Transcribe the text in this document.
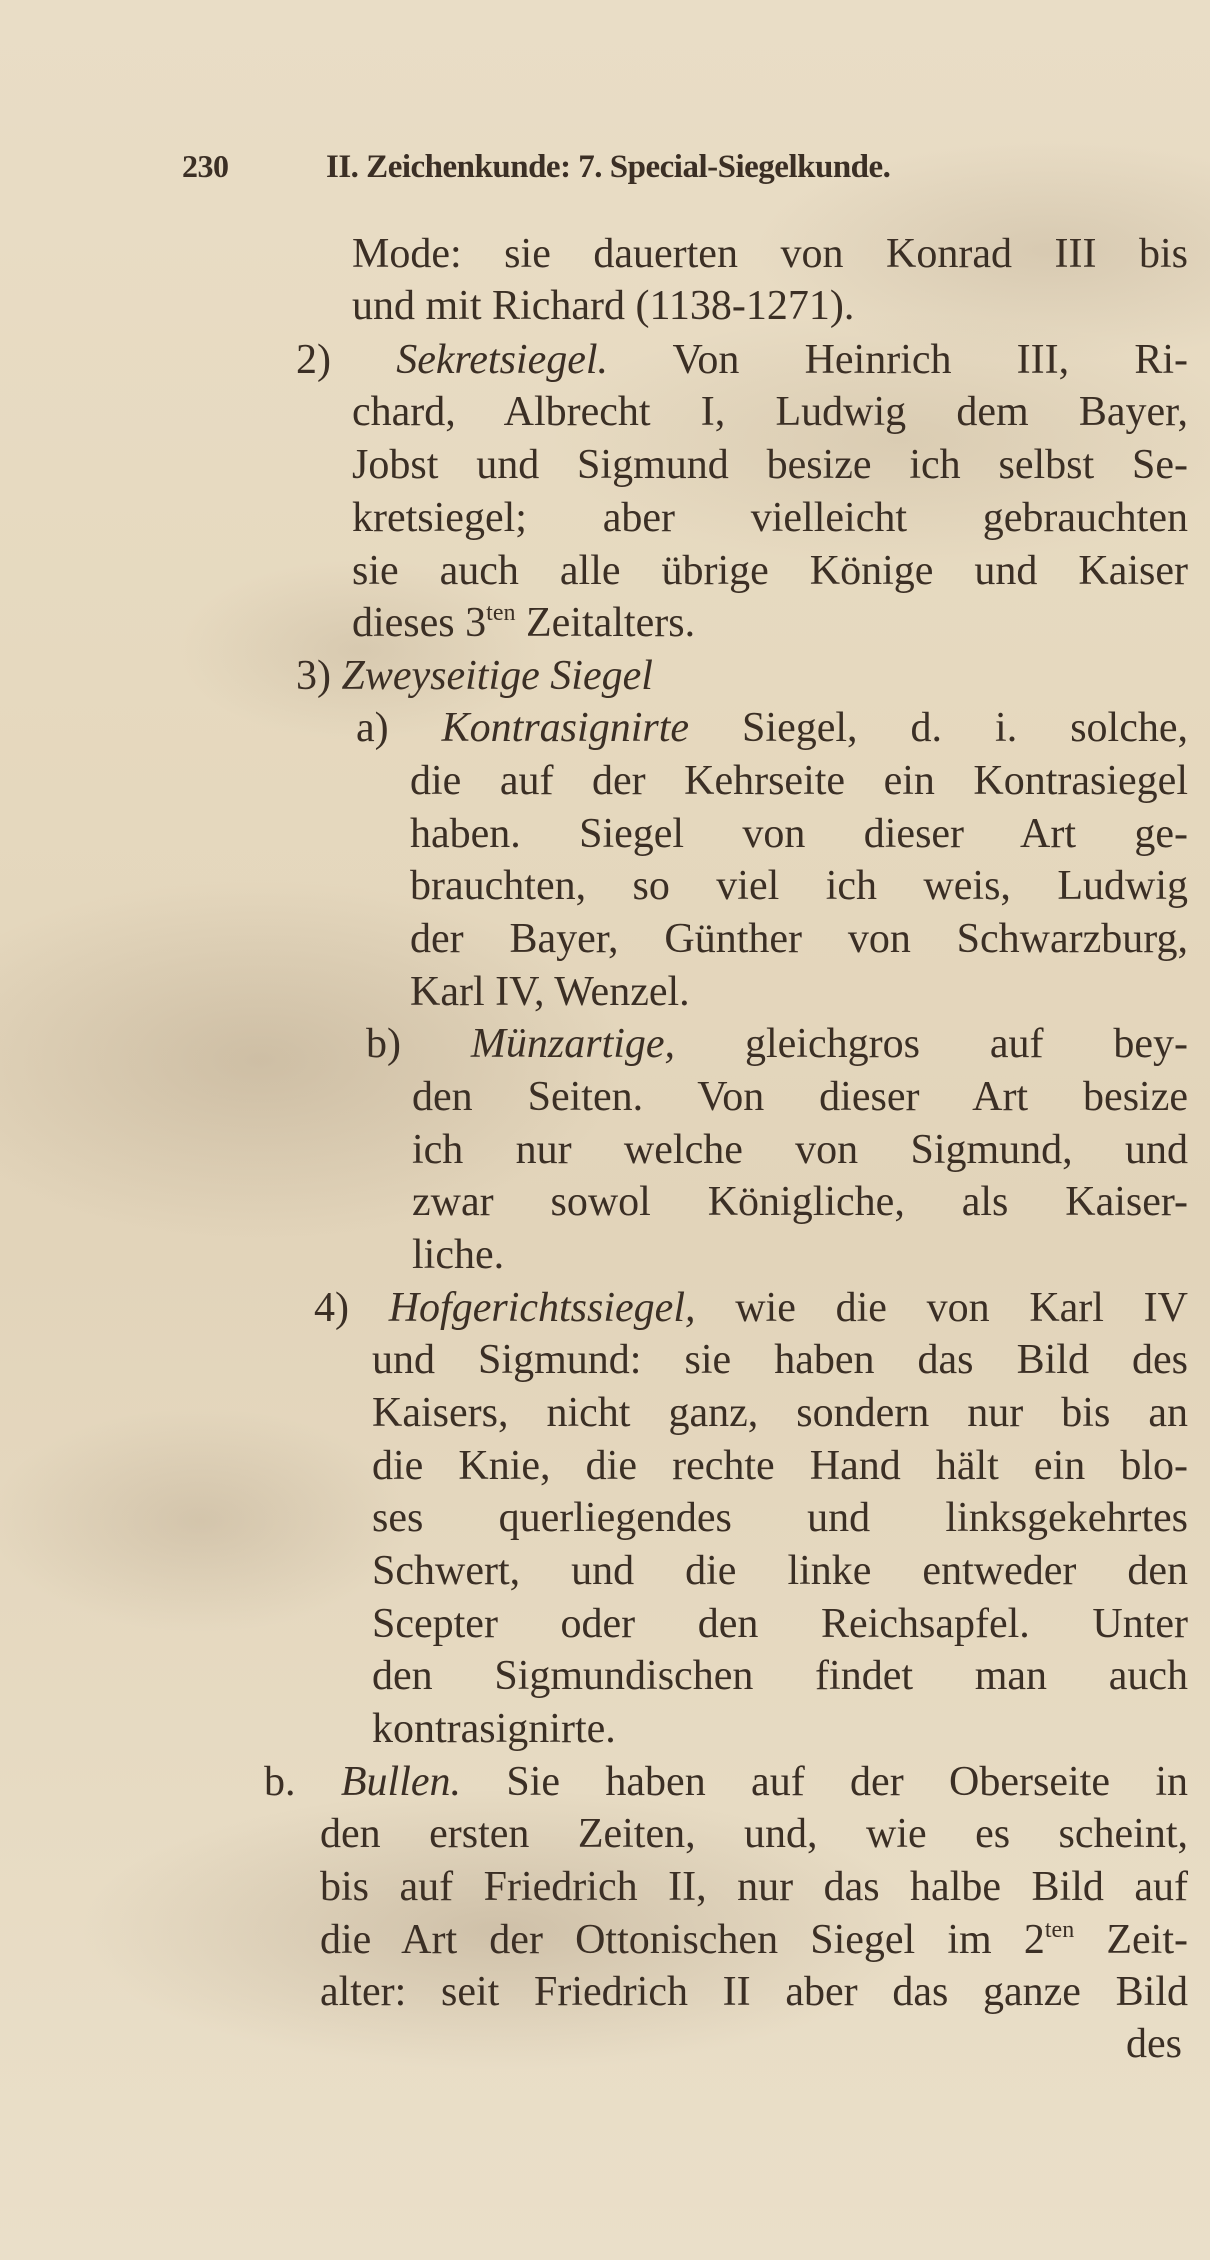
230	II. Zeichenkunde: 7. Special-Siegelkunde.
Mode: sie dauerten von Konrad III bis
und mit Richard (1138-1271).
2) Sekretsiegel. Von Heinrich III, Ri-
chard, Albrecht I, Ludwig dem Bayer,
Jobst und Sigmund besize ich selbst Se-
kretsiegel; aber vielleicht gebrauchten
sie auch alle übrige Könige und Kaiser
dieses $3^{ten}$ Zeitalters.
3) Zweyseitige Siegel
a) Kontrasignirte Siegel, d. i. solche,
die auf der Kehrseite ein Kontrasiegel
haben. Siegel von dieser Art ge-
brauchten, so viel ich weis, Ludwig
der Bayer, Günther von Schwarzburg,
Karl IV, Wenzel.
b) Münzartige, gleichgros auf bey-
den Seiten. Von dieser Art besize
ich nur welche von Sigmund, und
zwar sowol Königliche, als Kaiser-
liche.
4) Hofgerichtssiegel, wie die von Karl IV
und Sigmund: sie haben das Bild des
Kaisers, nicht ganz, sondern nur bis an
die Knie, die rechte Hand hält ein blo-
ses querliegendes und linksgekehrtes
Schwert, und die linke entweder den
Scepter oder den Reichsapfel. Unter
den Sigmundischen findet man auch
kontrasignirte.
b. Bullen. Sie haben auf der Oberseite in
den ersten Zeiten, und, wie es scheint,
bis auf Friedrich II, nur das halbe Bild auf
die Art der Ottonischen Siegel im $2^{ten}$ Zeit-
alter: seit Friedrich II aber das ganze Bild
des
